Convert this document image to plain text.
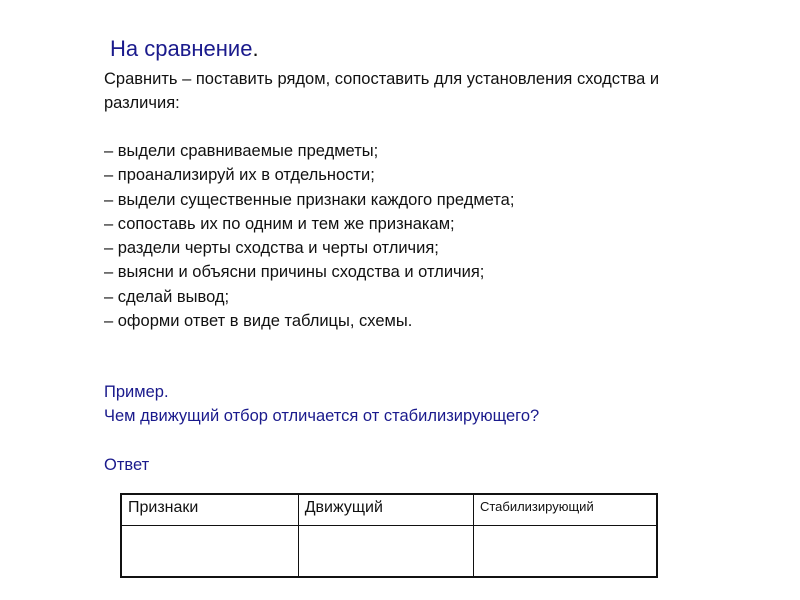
На сравнение.
Сравнить – поставить рядом, сопоставить для установления сходства и различия:
– выдели сравниваемые предметы;
– проанализируй их в отдельности;
– выдели существенные признаки каждого предмета;
– сопоставь их по одним и тем же признакам;
– раздели черты сходства и черты отличия;
– выясни и объясни причины сходства и отличия;
– сделай вывод;
– оформи ответ в виде таблицы, схемы.
Пример.
Чем движущий отбор отличается от стабилизирующего?
Ответ
Признаки	Движущий	Стабилизирующий
